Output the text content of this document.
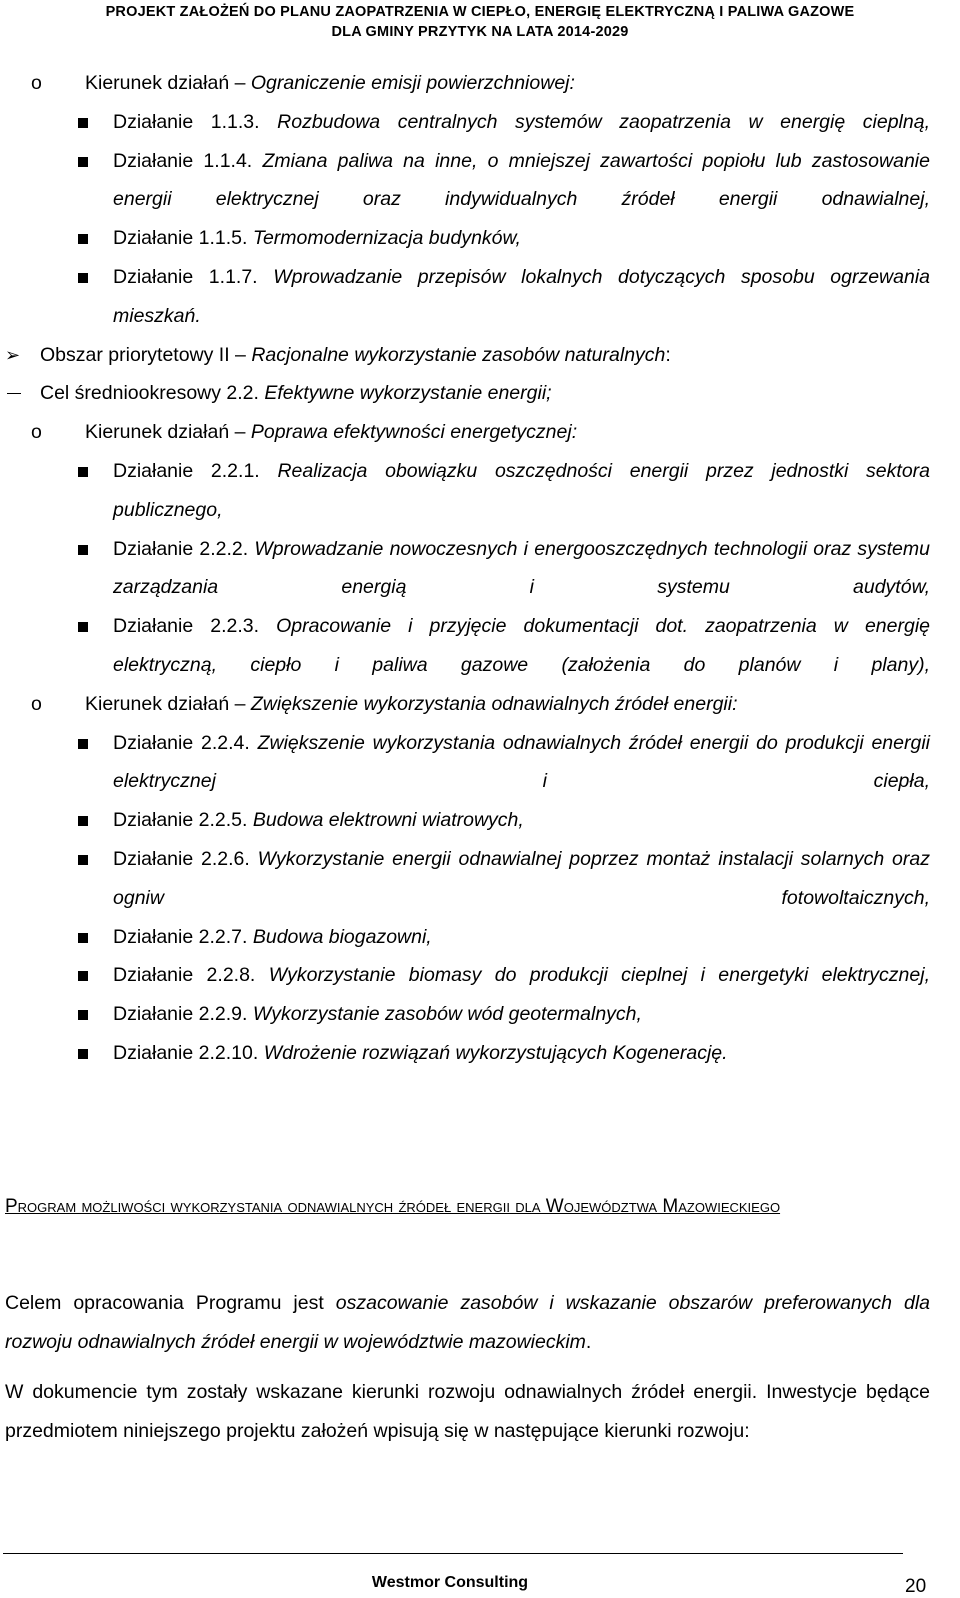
PROJEKT ZAŁOŻEŃ DO PLANU ZAOPATRZENIA W CIEPŁO, ENERGIĘ ELEKTRYCZNĄ I PALIWA GAZOWE
DLA GMINY PRZYTYK NA LATA 2014-2029
o Kierunek działań – Ograniczenie emisji powierzchniowej:
Działanie 1.1.3. Rozbudowa centralnych systemów zaopatrzenia w energię cieplną,
Działanie 1.1.4. Zmiana paliwa na inne, o mniejszej zawartości popiołu lub zastosowanie energii elektrycznej oraz indywidualnych źródeł energii odnawialnej,
Działanie 1.1.5. Termomodernizacja budynków,
Działanie 1.1.7. Wprowadzanie przepisów lokalnych dotyczących sposobu ogrzewania mieszkań.
➢ Obszar priorytetowy II – Racjonalne wykorzystanie zasobów naturalnych:
Cel średniookresowy 2.2. Efektywne wykorzystanie energii;
o Kierunek działań – Poprawa efektywności energetycznej:
Działanie 2.2.1. Realizacja obowiązku oszczędności energii przez jednostki sektora publicznego,
Działanie 2.2.2. Wprowadzanie nowoczesnych i energooszczędnych technologii oraz systemu zarządzania energią i systemu audytów,
Działanie 2.2.3. Opracowanie i przyjęcie dokumentacji dot. zaopatrzenia w energię elektryczną, ciepło i paliwa gazowe (założenia do planów i plany),
o Kierunek działań – Zwiększenie wykorzystania odnawialnych źródeł energii:
Działanie 2.2.4. Zwiększenie wykorzystania odnawialnych źródeł energii do produkcji energii elektrycznej i ciepła,
Działanie 2.2.5. Budowa elektrowni wiatrowych,
Działanie 2.2.6. Wykorzystanie energii odnawialnej poprzez montaż instalacji solarnych oraz ogniw fotowoltaicznych,
Działanie 2.2.7. Budowa biogazowni,
Działanie 2.2.8. Wykorzystanie biomasy do produkcji cieplnej i energetyki elektrycznej,
Działanie 2.2.9. Wykorzystanie zasobów wód geotermalnych,
Działanie 2.2.10. Wdrożenie rozwiązań wykorzystujących Kogenerację.
Program możliwości wykorzystania odnawialnych źródeł energii dla Województwa Mazowieckiego
Celem opracowania Programu jest oszacowanie zasobów i wskazanie obszarów preferowanych dla rozwoju odnawialnych źródeł energii w województwie mazowieckim.
W dokumencie tym zostały wskazane kierunki rozwoju odnawialnych źródeł energii. Inwestycje będące przedmiotem niniejszego projektu założeń wpisują się w następujące kierunki rozwoju:
Westmor Consulting	20
